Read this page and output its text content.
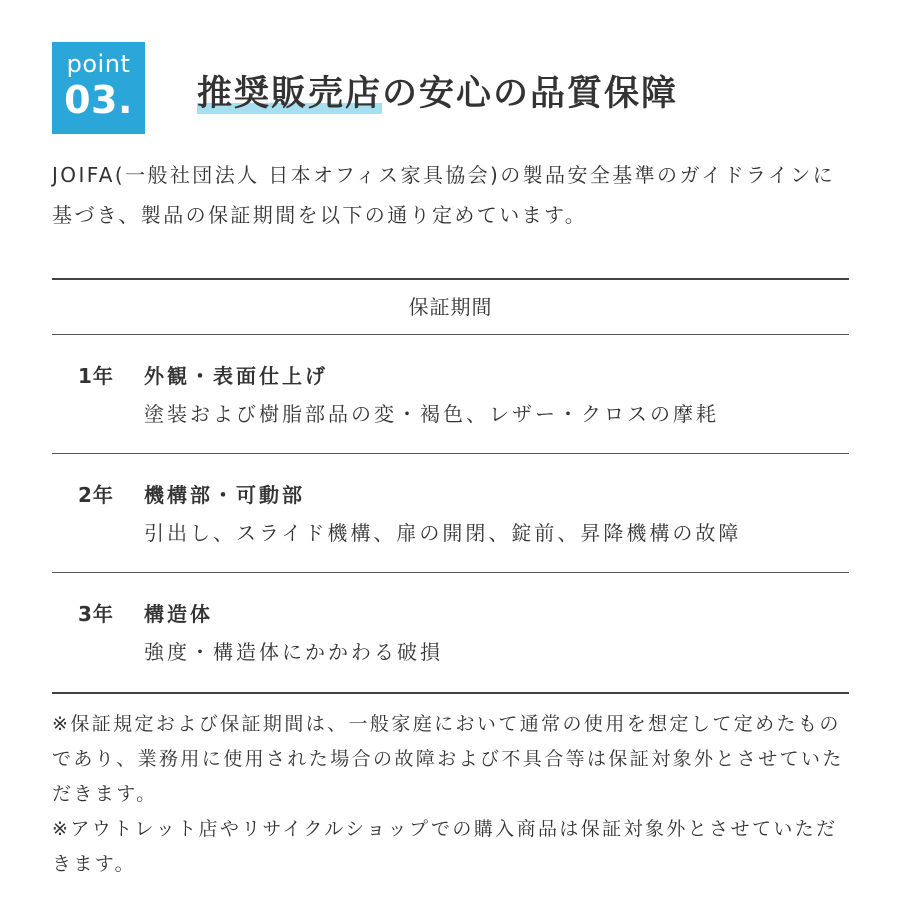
point
03.	推奨販売店の安心の品質保障

JOIFA(一般社団法人 日本オフィス家具協会)の製品安全基準のガイドラインに基づき、製品の保証期間を以下の通り定めています。

保証期間
1年 外観・表面仕上げ
塗装および樹脂部品の変・褐色、レザー・クロスの摩耗
2年 機構部・可動部
引出し、スライド機構、扉の開閉、錠前、昇降機構の故障
3年 構造体
強度・構造体にかかわる破損

※保証規定および保証期間は、一般家庭において通常の使用を想定して定めたものであり、業務用に使用された場合の故障および不具合等は保証対象外とさせていただきます。

※アウトレット店やリサイクルショップでの購入商品は保証対象外とさせていただきます。
